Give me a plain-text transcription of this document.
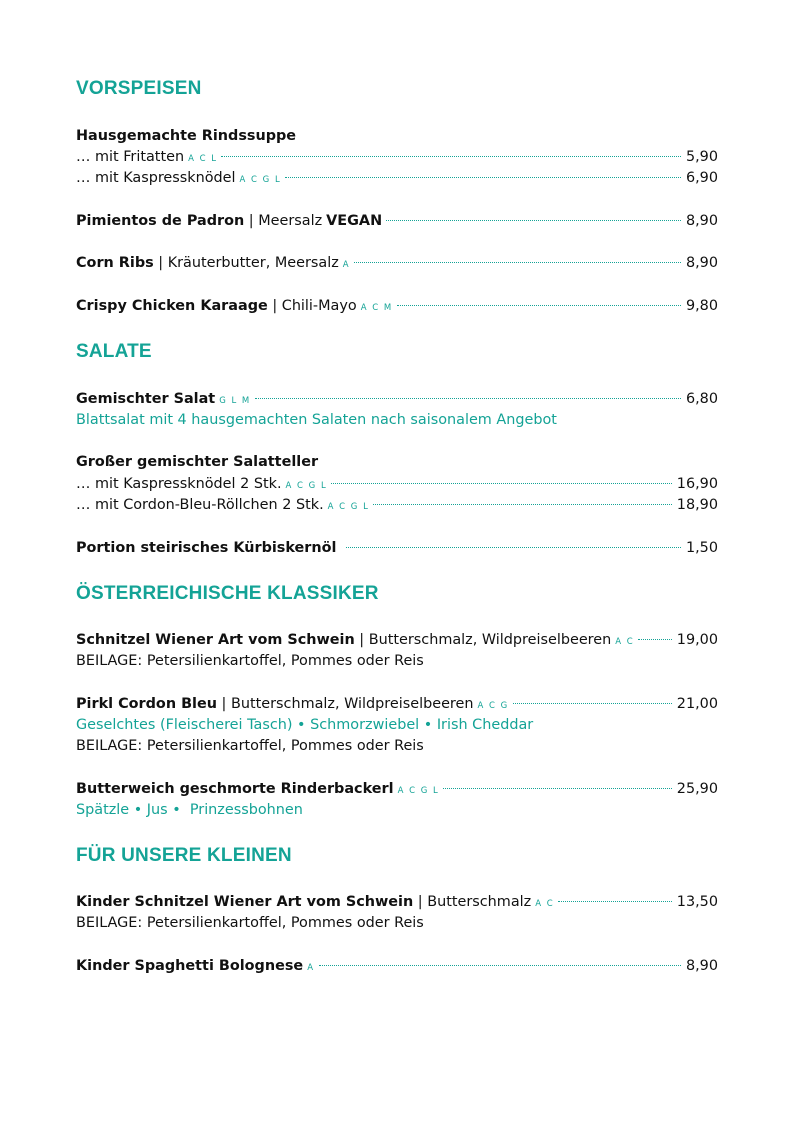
VORSPEISEN
Hausgemachte Rindssuppe
… mit Fritatten A C L	5,90
… mit Kaspressknödel A C G L	6,90
Pimientos de Padron | Meersalz VEGAN	8,90
Corn Ribs | Kräuterbutter, Meersalz A	8,90
Crispy Chicken Karaage | Chili-Mayo A C M	9,80
SALATE
Gemischter Salat G L M	6,80
Blattsalat mit 4 hausgemachten Salaten nach saisonalem Angebot
Großer gemischter Salatteller
… mit Kaspressknödel 2 Stk. A C G L	16,90
… mit Cordon-Bleu-Röllchen 2 Stk. A C G L	18,90
Portion steirisches Kürbiskernöl	1,50
ÖSTERREICHISCHE KLASSIKER
Schnitzel Wiener Art vom Schwein | Butterschmalz, Wildpreiselbeeren A C	19,00
BEILAGE: Petersilienkartoffel, Pommes oder Reis
Pirkl Cordon Bleu | Butterschmalz, Wildpreiselbeeren A C G	21,00
Geselchtes (Fleischerei Tasch) • Schmorzwiebel • Irish Cheddar
BEILAGE: Petersilienkartoffel, Pommes oder Reis
Butterweich geschmorte Rinderbackerl A C G L	25,90
Spätzle • Jus •  Prinzessbohnen
FÜR UNSERE KLEINEN
Kinder Schnitzel Wiener Art vom Schwein | Butterschmalz A C	13,50
BEILAGE: Petersilienkartoffel, Pommes oder Reis
Kinder Spaghetti Bolognese A	8,90
